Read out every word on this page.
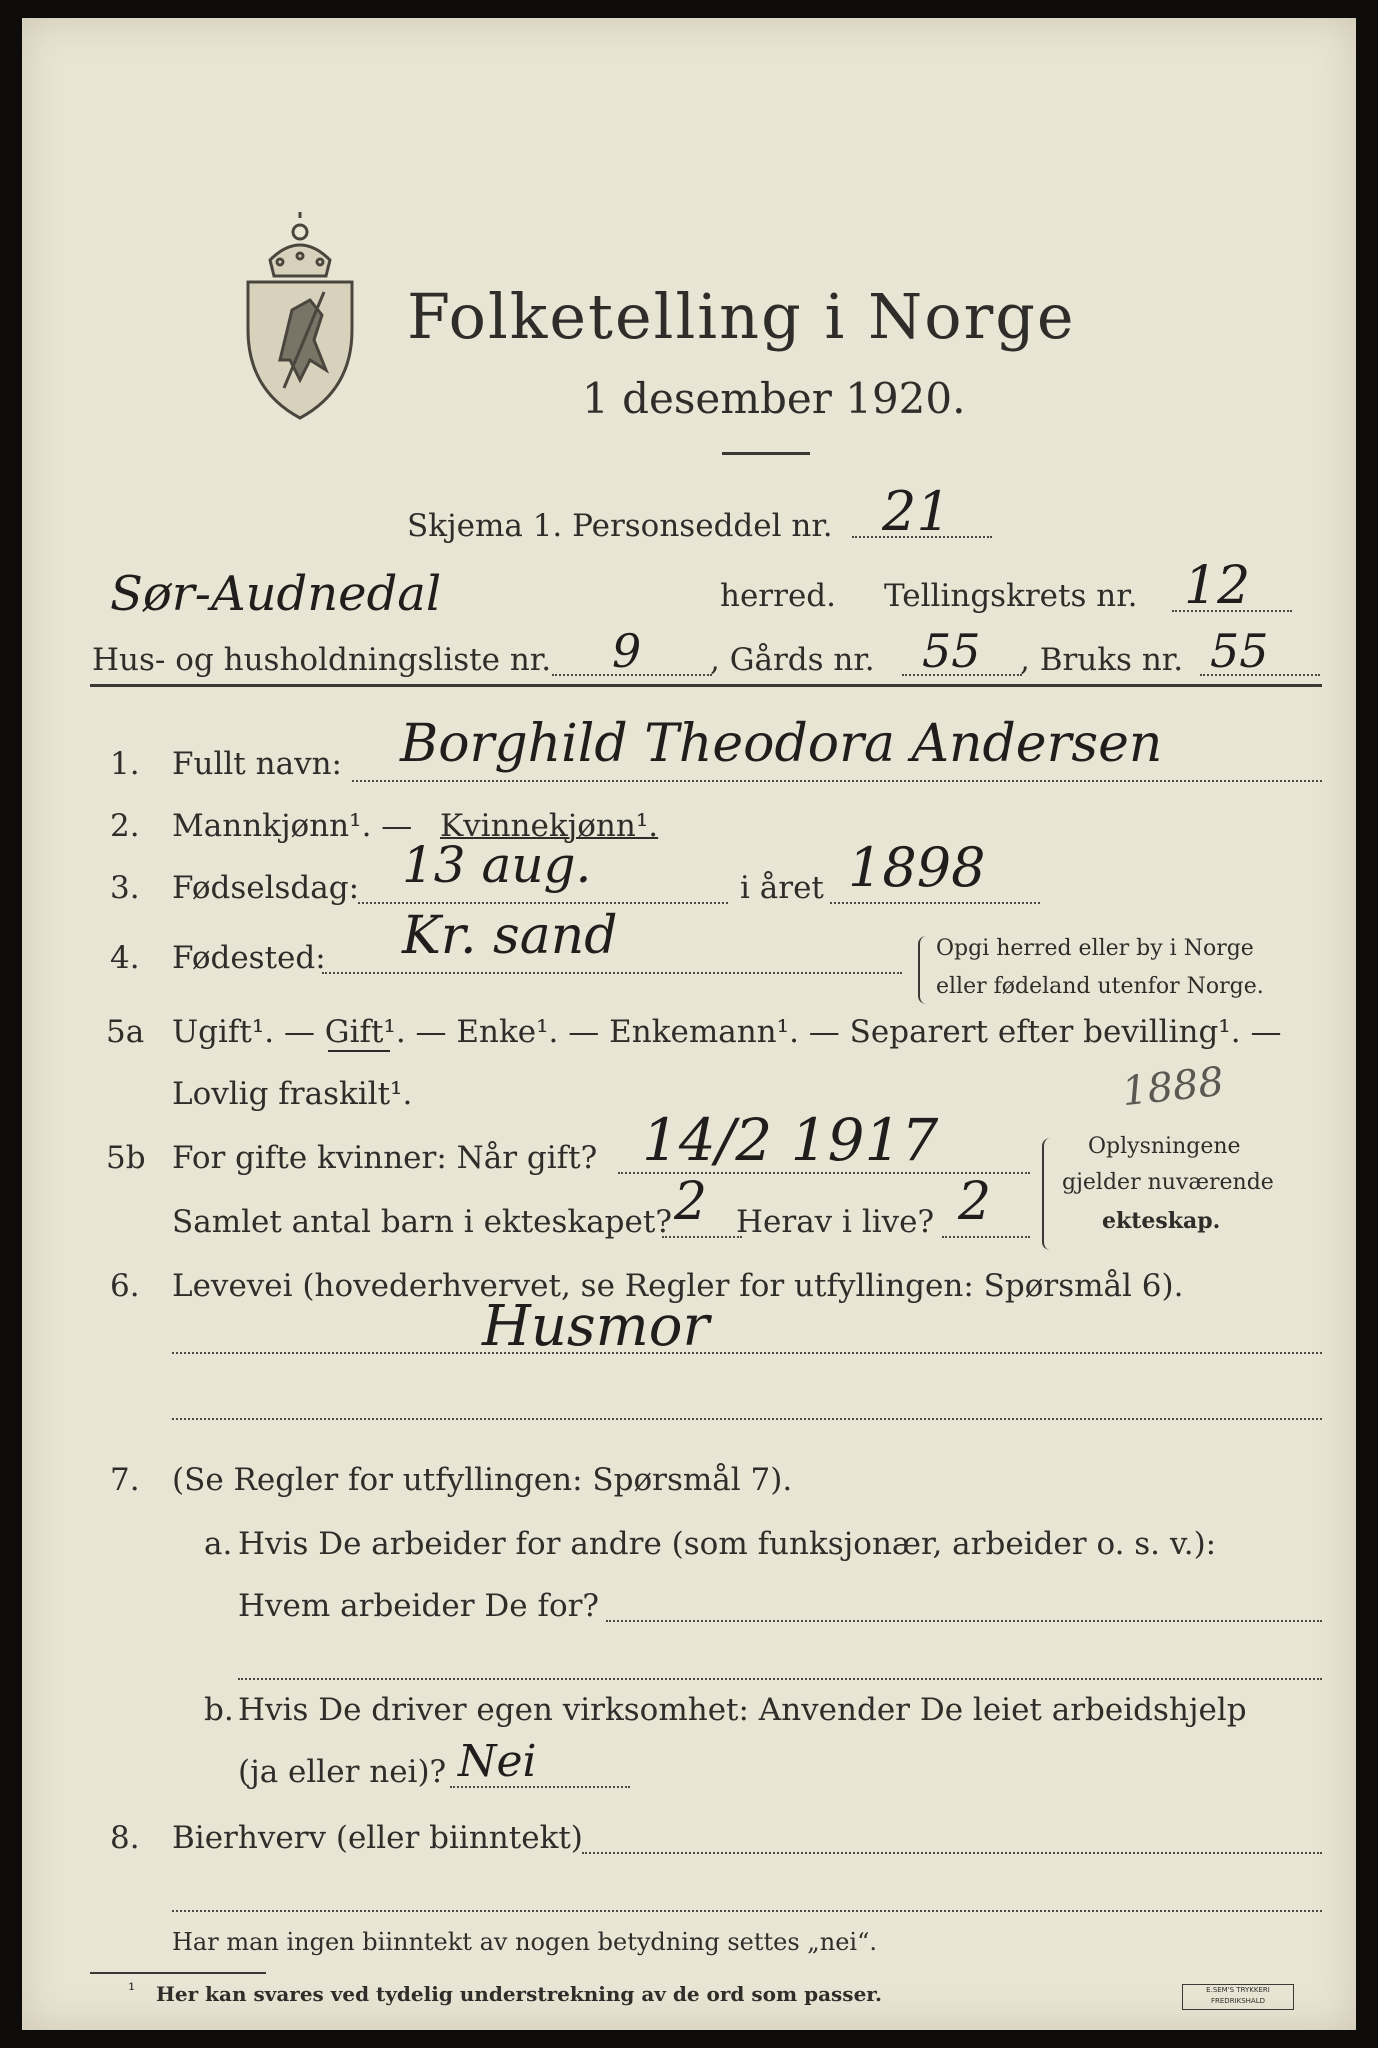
Folketelling i Norge
1 desember 1920.
Skjema 1. Personseddel nr. 21
Sør-Audnedal	herred. Tellingskrets nr. 12
Hus- og husholdningsliste nr. 9 , Gårds nr. 55 , Bruks nr. 55
1. Fullt navn: Borghild Theodora Andersen
2. Mannkjønn¹. — Kvinnekjønn¹.
3. Fødselsdag: 13 aug.	i året 1898
4. Fødested: Kr. sand	Opgi herred eller by i Norge
eller fødeland utenfor Norge.
5a Ugift¹. — Gift¹. — Enke¹. — Enkemann¹. — Separert efter bevilling¹. —
Lovlig fraskilt¹.	1888
5b For gifte kvinner: Når gift? 14/2 1917
Samlet antal barn i ekteskapet? 2 Herav i live? 2
Oplysningene
gjelder nuværende
ekteskap.
6. Levevei (hovederhvervet, se Regler for utfyllingen: Spørsmål 6).
Husmor
7. (Se Regler for utfyllingen: Spørsmål 7).
a. Hvis De arbeider for andre (som funksjonær, arbeider o. s. v.):
Hvem arbeider De for?
b. Hvis De driver egen virksomhet: Anvender De leiet arbeidshjelp
(ja eller nei)? Nei
8. Bierhverv (eller biinntekt)
Har man ingen biinntekt av nogen betydning settes „nei“.
¹ Her kan svares ved tydelig understrekning av de ord som passer.	E.SEM'S TRYKKERI FREDRIKSHALD
